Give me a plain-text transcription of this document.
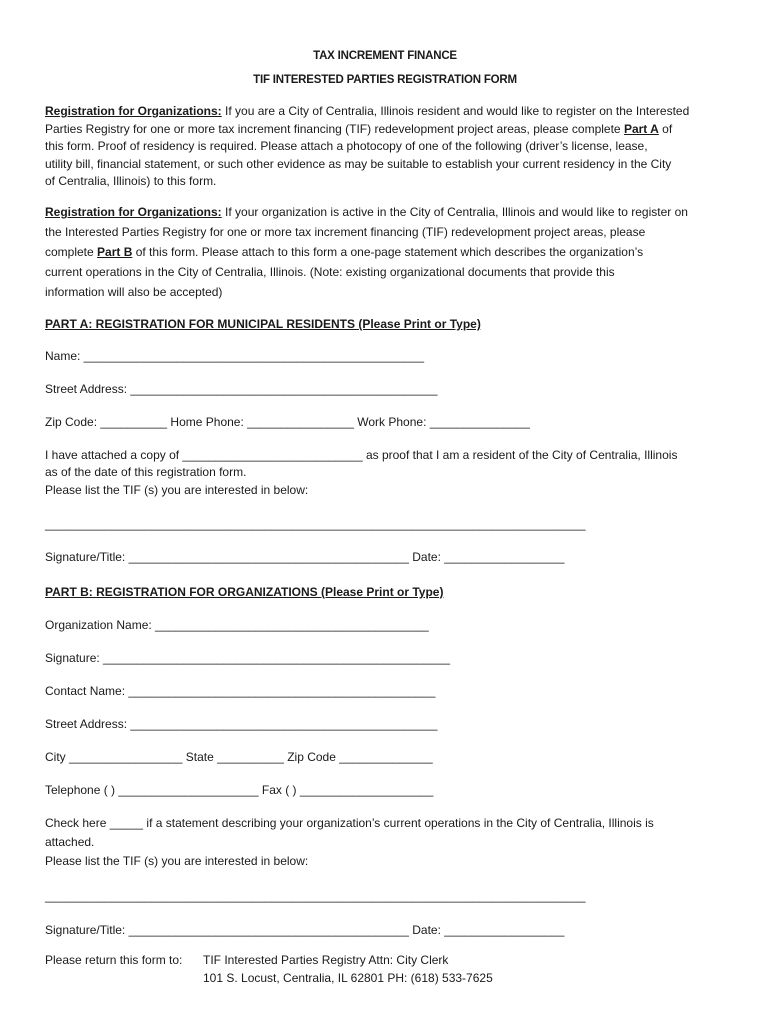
TAX INCREMENT FINANCE
TIF INTERESTED PARTIES REGISTRATION FORM
Registration for Organizations: If you are a City of Centralia, Illinois resident and would like to register on the Interested
Parties Registry for one or more tax increment financing (TIF) redevelopment project areas, please complete Part A of
this form. Proof of residency is required. Please attach a photocopy of one of the following (driver’s license, lease,
utility bill, financial statement, or such other evidence as may be suitable to establish your current residency in the City
of Centralia, Illinois) to this form.
Registration for Organizations: If your organization is active in the City of Centralia, Illinois and would like to register on
the Interested Parties Registry for one or more tax increment financing (TIF) redevelopment project areas, please
complete Part B of this form. Please attach to this form a one-page statement which describes the organization’s
current operations in the City of Centralia, Illinois. (Note: existing organizational documents that provide this
information will also be accepted)
PART A: REGISTRATION FOR MUNICIPAL RESIDENTS (Please Print or Type)
Name: ___________________________________________________
Street Address: ______________________________________________
Zip Code: __________ Home Phone: ________________ Work Phone: _______________
I have attached a copy of ___________________________ as proof that I am a resident of the City of Centralia, Illinois
as of the date of this registration form.
Please list the TIF (s) you are interested in below:
_________________________________________________________________________________
Signature/Title: __________________________________________ Date: __________________
PART B: REGISTRATION FOR ORGANIZATIONS (Please Print or Type)
Organization Name: _________________________________________
Signature: ____________________________________________________
Contact Name: ______________________________________________
Street Address: ______________________________________________
City _________________ State __________ Zip Code ______________
Telephone ( ) _____________________ Fax ( ) ____________________
Check here _____ if a statement describing your organization’s current operations in the City of Centralia, Illinois is
attached.
Please list the TIF (s) you are interested in below:
_________________________________________________________________________________
Signature/Title: __________________________________________ Date: __________________
Please return this form to: TIF Interested Parties Registry Attn: City Clerk
101 S. Locust, Centralia, IL 62801 PH: (618) 533-7625
